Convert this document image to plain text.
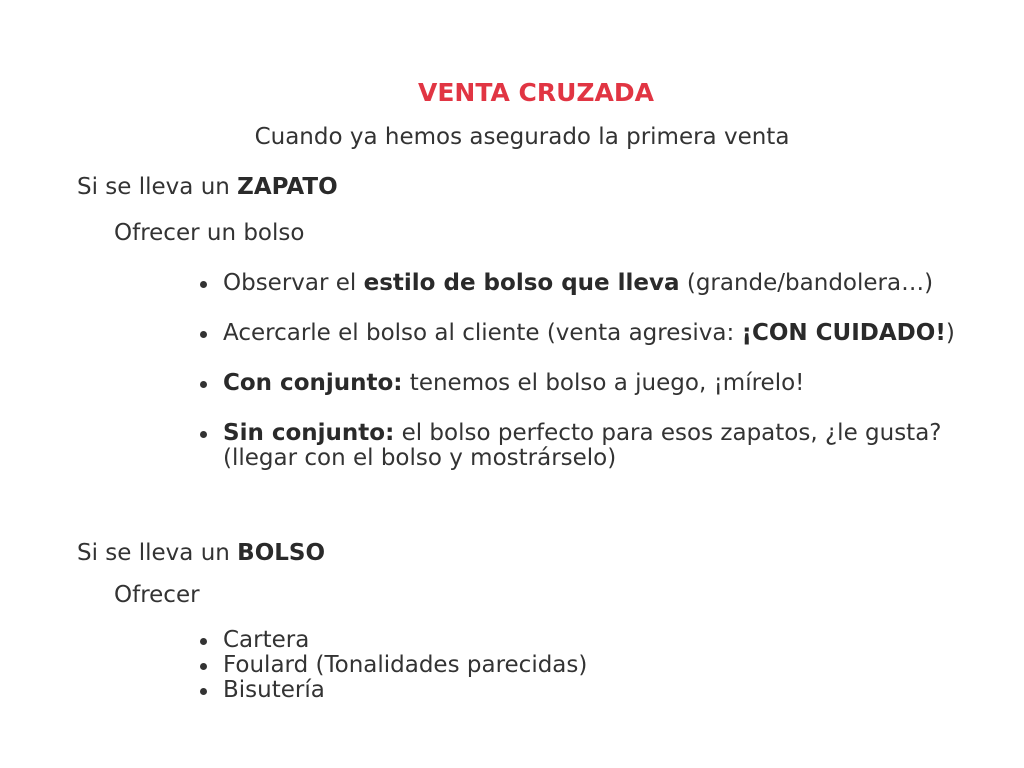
VENTA CRUZADA
Cuando ya hemos asegurado la primera venta
Si se lleva un ZAPATO
Ofrecer un bolso
Observar el estilo de bolso que lleva (grande/bandolera…)
Acercarle el bolso al cliente (venta agresiva: ¡CON CUIDADO!)
Con conjunto: tenemos el bolso a juego, ¡mírelo!
Sin conjunto: el bolso perfecto para esos zapatos, ¿le gusta? (llegar con el bolso y mostrárselo)
Si se lleva un BOLSO
Ofrecer
Cartera
Foulard (Tonalidades parecidas)
Bisutería
